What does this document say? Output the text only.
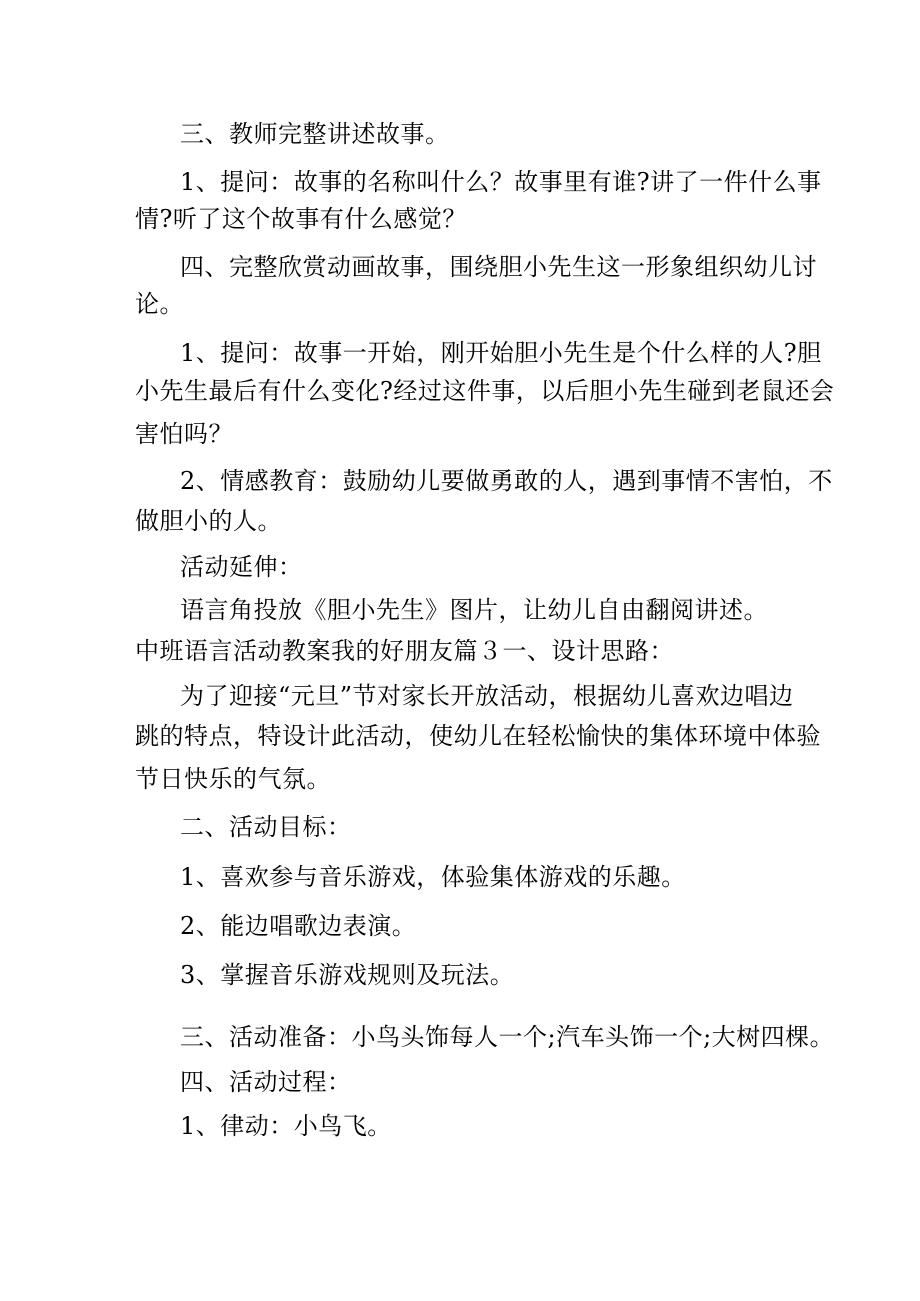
三、教师完整讲述故事。
1、提问：故事的名称叫什么？故事里有谁?讲了一件什么事
情?听了这个故事有什么感觉？
四、完整欣赏动画故事，围绕胆小先生这一形象组织幼儿讨
论。
1、提问：故事一开始，刚开始胆小先生是个什么样的人?胆
小先生最后有什么变化?经过这件事，以后胆小先生碰到老鼠还会
害怕吗？
2、情感教育：鼓励幼儿要做勇敢的人，遇到事情不害怕，不
做胆小的人。
活动延伸：
语言角投放《胆小先生》图片，让幼儿自由翻阅讲述。
中班语言活动教案我的好朋友篇３一、设计思路：
为了迎接“元旦”节对家长开放活动，根据幼儿喜欢边唱边
跳的特点，特设计此活动，使幼儿在轻松愉快的集体环境中体验
节日快乐的气氛。
二、活动目标：
1、喜欢参与音乐游戏，体验集体游戏的乐趣。
2、能边唱歌边表演。
3、掌握音乐游戏规则及玩法。
三、活动准备：小鸟头饰每人一个;汽车头饰一个;大树四棵。
四、活动过程：
1、律动：小鸟飞。
